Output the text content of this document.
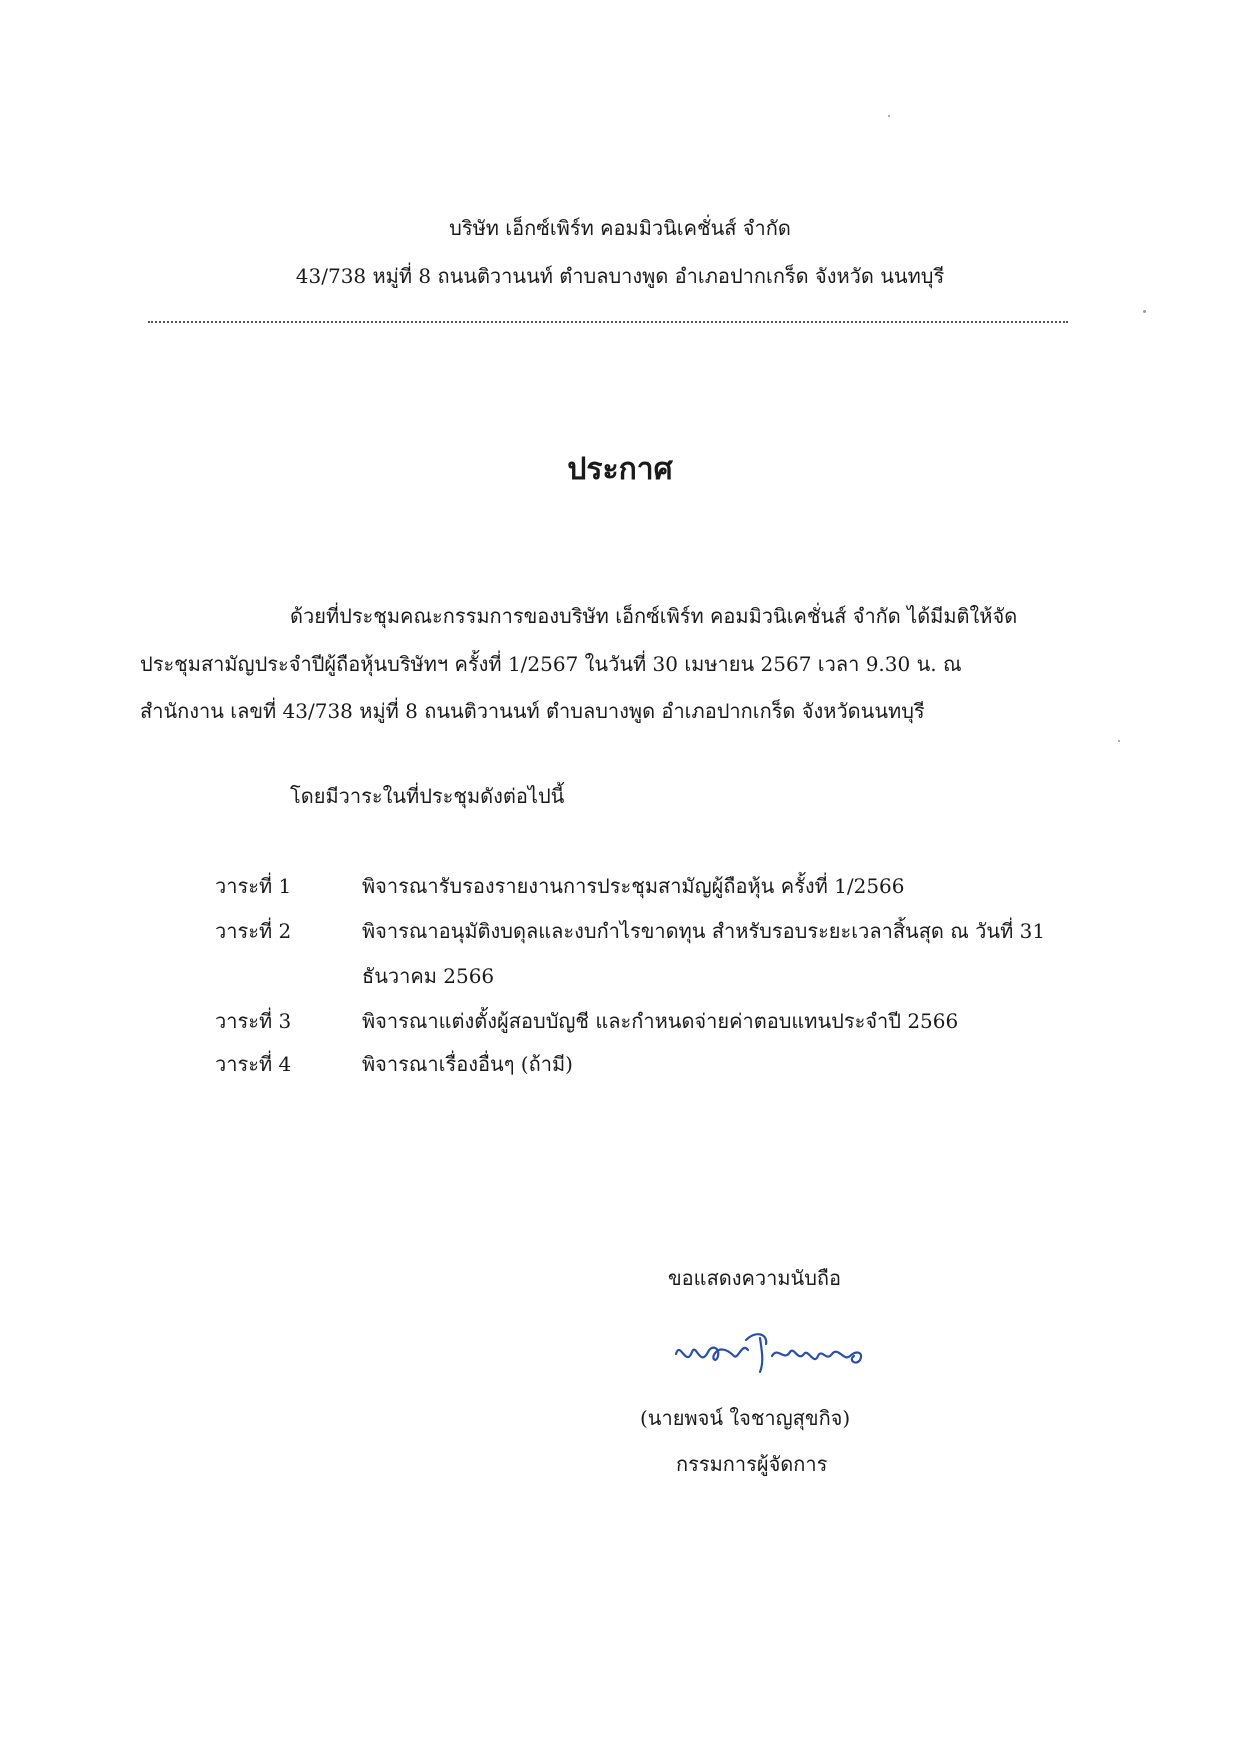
บริษัท เอ็กซ์เพิร์ท คอมมิวนิเคชั่นส์ จำกัด
43/738 หมู่ที่ 8 ถนนติวานนท์ ตำบลบางพูด อำเภอปากเกร็ด จังหวัด นนทบุรี
ประกาศ
ด้วยที่ประชุมคณะกรรมการของบริษัท เอ็กซ์เพิร์ท คอมมิวนิเคชั่นส์ จำกัด ได้มีมติให้จัด
ประชุมสามัญประจำปีผู้ถือหุ้นบริษัทฯ ครั้งที่ 1/2567 ในวันที่ 30 เมษายน 2567 เวลา 9.30 น. ณ
สำนักงาน เลขที่ 43/738 หมู่ที่ 8 ถนนติวานนท์ ตำบลบางพูด อำเภอปากเกร็ด จังหวัดนนทบุรี
โดยมีวาระในที่ประชุมดังต่อไปนี้
วาระที่ 1	พิจารณารับรองรายงานการประชุมสามัญผู้ถือหุ้น ครั้งที่ 1/2566
วาระที่ 2	พิจารณาอนุมัติงบดุลและงบกำไรขาดทุน สำหรับรอบระยะเวลาสิ้นสุด ณ วันที่ 31
ธันวาคม 2566
วาระที่ 3	พิจารณาแต่งตั้งผู้สอบบัญชี และกำหนดจ่ายค่าตอบแทนประจำปี 2566
วาระที่ 4	พิจารณาเรื่องอื่นๆ (ถ้ามี)
ขอแสดงความนับถือ
(นายพจน์ ใจชาญสุขกิจ)
กรรมการผู้จัดการ
